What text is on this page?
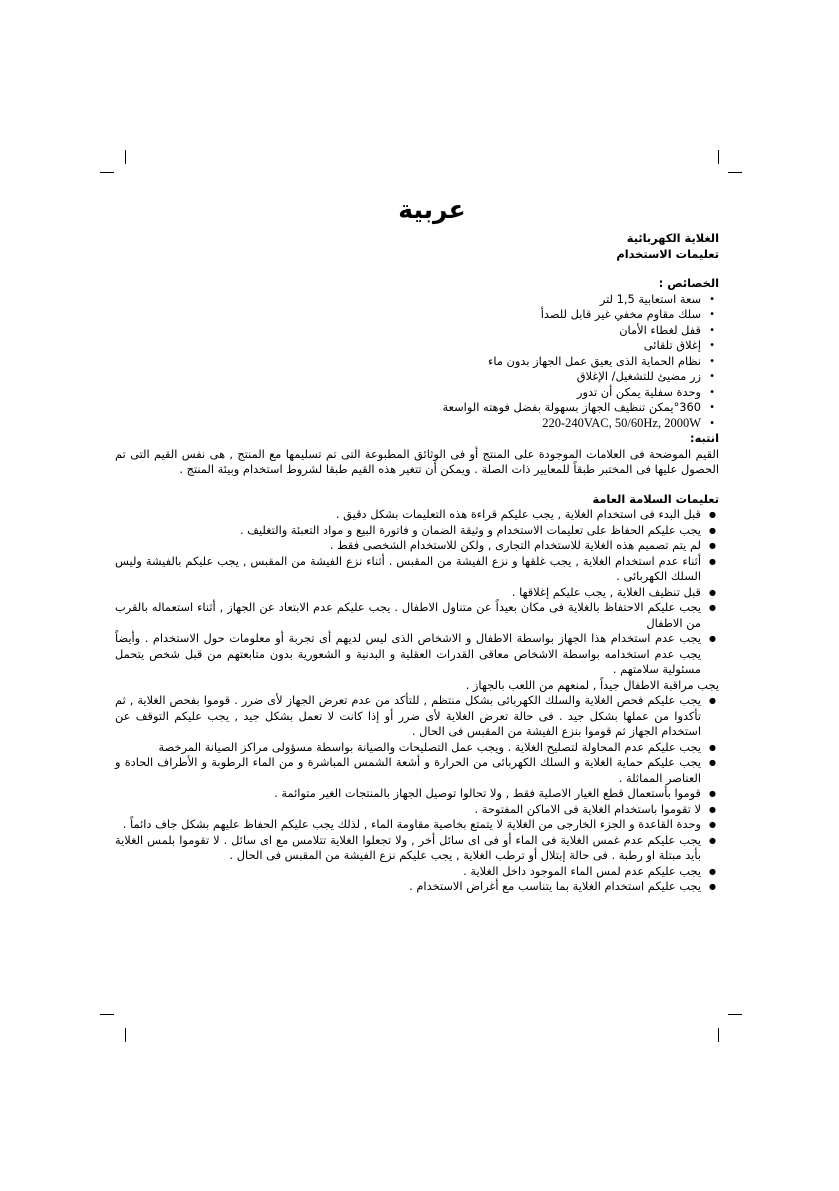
عربية

الغلاية الكهربائية

تعليمات الاستخدام

الخصائص :

• سعة استعابية 1,5 لتر
• سلك مقاوم مخفي غير قابل للصدأ
• قفل لغطاء الأمان
• إغلاق تلقائى
• نظام الحماية الذى يعيق عمل الجهاز بدون ماء
• زر مضيئ للتشغيل/ الإغلاق
• وحدة سفلية يمكن أن تدور
• °360يمكن تنظيف الجهاز بسهولة بفضل فوهته الواسعة
• 220-240VAC, 50/60Hz, 2000W

انتبه:

القيم الموضحة فى العلامات الموجودة على المنتج أو فى الوثائق المطبوعة التى تم تسليمها مع المنتج , هى نفس القيم التى تم الحصول عليها فى المختبر طبقاً للمعايير ذات الصلة . ويمكن أن تتغير هذه القيم طبقا لشروط استخدام وبيئة المنتج .

تعليمات السلامة العامة

● قبل البدء فى استخدام الغلاية , يجب عليكم قراءة هذه التعليمات بشكل دقيق .
● يجب عليكم الحفاظ على تعليمات الاستخدام و وثيقة الضمان و فاتورة البيع و مواد التعبئة والتغليف .
● لم يتم تصميم هذه الغلاية للاستخدام التجارى , ولكن للاستخدام الشخصى فقط .
● أثناء عدم استخدام الغلاية , يجب غلقها و نزع الفيشة من المقبس . أثناء نزع الفيشة من المقبس , يجب عليكم بالفيشة وليس السلك الكهربائى .
● قبل تنظيف الغلاية , يجب عليكم إغلاقها .
● يجب عليكم الاحتفاظ بالغلاية فى مكان بعيداً عن متناول الاطفال . يجب عليكم عدم الابتعاد عن الجهاز , أثناء استعماله بالقرب من الاطفال
● يجب عدم استخدام هذا الجهاز بواسطة الاطفال و الاشخاص الذى ليس لديهم أى تجربة أو معلومات حول الاستخدام . وأيضاً يجب عدم استخدامه بواسطة الاشخاص معاقى القدرات العقلية و البدنية و الشعورية بدون متابعتهم من قبل شخص يتحمل مسئولية سلامتهم .

يجب مراقبة الاطفال جيداً , لمنعهم من اللعب بالجهاز .

● يجب عليكم فحص الغلاية والسلك الكهربائى بشكل منتظم , للتأكد من عدم تعرض الجهاز لأى ضرر . قوموا بفحص الغلاية , ثم تأكدوا من عملها بشكل جيد . فى حالة تعرض الغلاية لأى ضرر أو إذا كانت لا تعمل بشكل جيد , يجب عليكم التوقف عن استخدام الجهاز ثم قوموا بنزع الفيشة من المقبس فى الحال .
● يجب عليكم عدم المحاولة لتصليح الغلاية . ويجب عمل التصليحات والصيانة بواسطة مسؤولى مراكز الصيانة المرخصة
● يجب عليكم حماية الغلاية و السلك الكهربائى من الحرارة و أشعة الشمس المباشرة و من الماء الرطوبة و الأطراف الحادة و العناصر المماثلة .
● قوموا بأستعمال قطع الغيار الاصلية فقط , ولا تحالوا توصيل الجهاز بالمنتجات الغير متوائمة .
● لا تقوموا باستخدام الغلاية فى الاماكن المفتوحة .
● وحدة القاعدة و الجزء الخارجى من الغلاية لا يتمتع بخاصية مقاومة الماء , لذلك يجب عليكم الحفاظ عليهم بشكل جاف دائماً .
● يجب عليكم عدم غمس الغلاية فى الماء أو فى اى سائل أخر , ولا تجعلوا الغلاية تتلامس مع اى سائل . لا تقوموا بلمس الغلاية بأيد مبتلة او رطبة . فى حالة إبتلال أو ترطب الغلاية , يجب عليكم نزع الفيشة من المقبس فى الحال .
● يجب عليكم عدم لمس الماء الموجود داخل الغلاية .
● يجب عليكم استخدام الغلاية بما يتناسب مع أغراض الاستخدام .
